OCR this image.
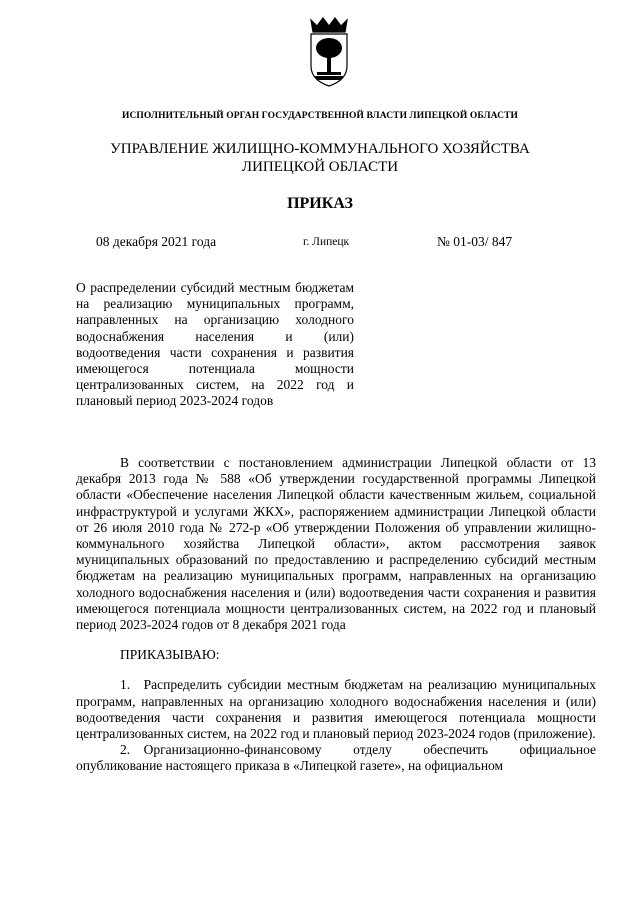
ИСПОЛНИТЕЛЬНЫЙ ОРГАН ГОСУДАРСТВЕННОЙ ВЛАСТИ ЛИПЕЦКОЙ ОБЛАСТИ
УПРАВЛЕНИЕ ЖИЛИЩНО-КОММУНАЛЬНОГО ХОЗЯЙСТВА
ЛИПЕЦКОЙ ОБЛАСТИ
ПРИКАЗ
08 декабря 2021 года	г. Липецк	№ 01-03/ 847
О распределении субсидий местным бюджетам на реализацию муниципальных программ, направленных на организацию холодного водоснабжения населения и (или) водоотведения части сохранения и развития имеющегося потенциала мощности централизованных систем, на 2022 год и плановый период 2023-2024 годов

В соответствии с постановлением администрации Липецкой области от 13 декабря 2013 года № 588 «Об утверждении государственной программы Липецкой области «Обеспечение населения Липецкой области качественным жильем, социальной инфраструктурой и услугами ЖКХ», распоряжением администрации Липецкой области от 26 июля 2010 года № 272-р «Об утверждении Положения об управлении жилищно-коммунального хозяйства Липецкой области», актом рассмотрения заявок муниципальных образований по предоставлению и распределению субсидий местным бюджетам на реализацию муниципальных программ, направленных на организацию холодного водоснабжения населения и (или) водоотведения части сохранения и развития имеющегося потенциала мощности централизованных систем, на 2022 год и плановый период 2023-2024 годов от 8 декабря 2021 года

ПРИКАЗЫВАЮ:

1. Распределить субсидии местным бюджетам на реализацию муниципальных программ, направленных на организацию холодного водоснабжения населения и (или) водоотведения части сохранения и развития имеющегося потенциала мощности централизованных систем, на 2022 год и плановый период 2023-2024 годов (приложение).

2. Организационно-финансовому отделу обеспечить официальное опубликование настоящего приказа в «Липецкой газете», на официальном
